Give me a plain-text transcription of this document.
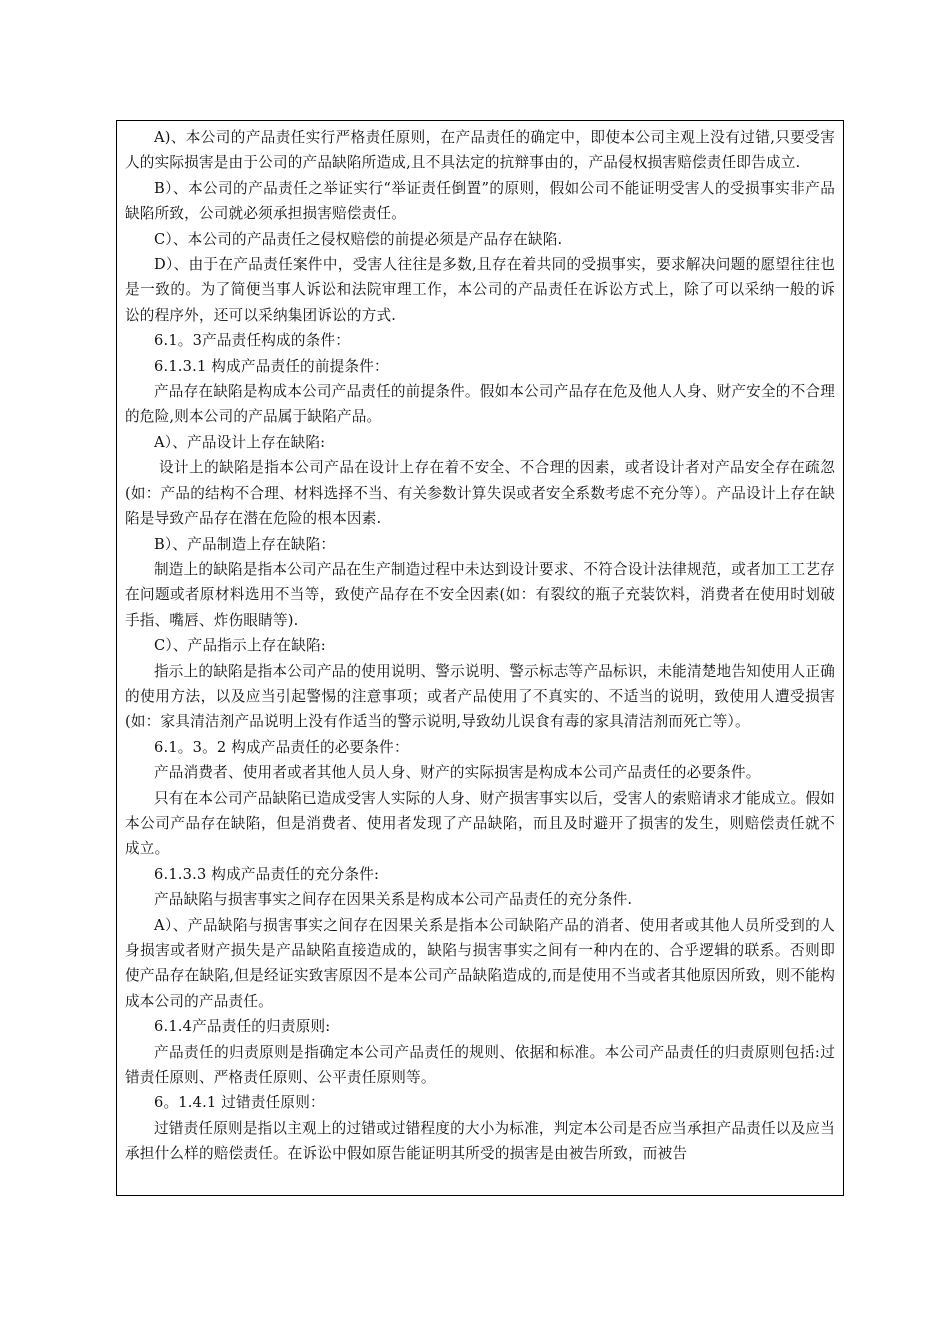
A)、本公司的产品责任实行严格责任原则，在产品责任的确定中，即使本公司主观上没有过错,只要受害人的实际损害是由于公司的产品缺陷所造成,且不具法定的抗辩事由的，产品侵权损害赔偿责任即告成立.

B）、本公司的产品责任之举证实行“举证责任倒置”的原则，假如公司不能证明受害人的受损事实非产品缺陷所致，公司就必须承担损害赔偿责任。

C）、本公司的产品责任之侵权赔偿的前提必须是产品存在缺陷.

D）、由于在产品责任案件中，受害人往往是多数,且存在着共同的受损事实，要求解决问题的愿望往往也是一致的。为了简便当事人诉讼和法院审理工作，本公司的产品责任在诉讼方式上，除了可以采纳一般的诉讼的程序外，还可以采纳集团诉讼的方式.

6.1。3产品责任构成的条件：

6.1.3.1 构成产品责任的前提条件：

产品存在缺陷是构成本公司产品责任的前提条件。假如本公司产品存在危及他人人身、财产安全的不合理的危险,则本公司的产品属于缺陷产品。

A）、产品设计上存在缺陷:

设计上的缺陷是指本公司产品在设计上存在着不安全、不合理的因素，或者设计者对产品安全存在疏忽(如：产品的结构不合理、材料选择不当、有关参数计算失误或者安全系数考虑不充分等）。产品设计上存在缺陷是导致产品存在潜在危险的根本因素.

B）、产品制造上存在缺陷：

制造上的缺陷是指本公司产品在生产制造过程中未达到设计要求、不符合设计法律规范，或者加工工艺存在问题或者原材料选用不当等，致使产品存在不安全因素(如：有裂纹的瓶子充装饮料，消费者在使用时划破手指、嘴唇、炸伤眼睛等).

C）、产品指示上存在缺陷:

指示上的缺陷是指本公司产品的使用说明、警示说明、警示标志等产品标识，未能清楚地告知使用人正确的使用方法，以及应当引起警惕的注意事项；或者产品使用了不真实的、不适当的说明，致使用人遭受损害(如：家具清洁剂产品说明上没有作适当的警示说明,导致幼儿误食有毒的家具清洁剂而死亡等）。

6.1。3。2 构成产品责任的必要条件：

产品消费者、使用者或者其他人员人身、财产的实际损害是构成本公司产品责任的必要条件。

只有在本公司产品缺陷已造成受害人实际的人身、财产损害事实以后，受害人的索赔请求才能成立。假如本公司产品存在缺陷，但是消费者、使用者发现了产品缺陷，而且及时避开了损害的发生，则赔偿责任就不成立。

6.1.3.3 构成产品责任的充分条件:

产品缺陷与损害事实之间存在因果关系是构成本公司产品责任的充分条件.

A）、产品缺陷与损害事实之间存在因果关系是指本公司缺陷产品的消者、使用者或其他人员所受到的人身损害或者财产损失是产品缺陷直接造成的，缺陷与损害事实之间有一种内在的、合乎逻辑的联系。否则即使产品存在缺陷,但是经证实致害原因不是本公司产品缺陷造成的,而是使用不当或者其他原因所致，则不能构成本公司的产品责任。

6.1.4产品责任的归责原则:

产品责任的归责原则是指确定本公司产品责任的规则、依据和标准。本公司产品责任的归责原则包括:过错责任原则、严格责任原则、公平责任原则等。

6。1.4.1 过错责任原则：

过错责任原则是指以主观上的过错或过错程度的大小为标准，判定本公司是否应当承担产品责任以及应当承担什么样的赔偿责任。在诉讼中假如原告能证明其所受的损害是由被告所致，而被告
